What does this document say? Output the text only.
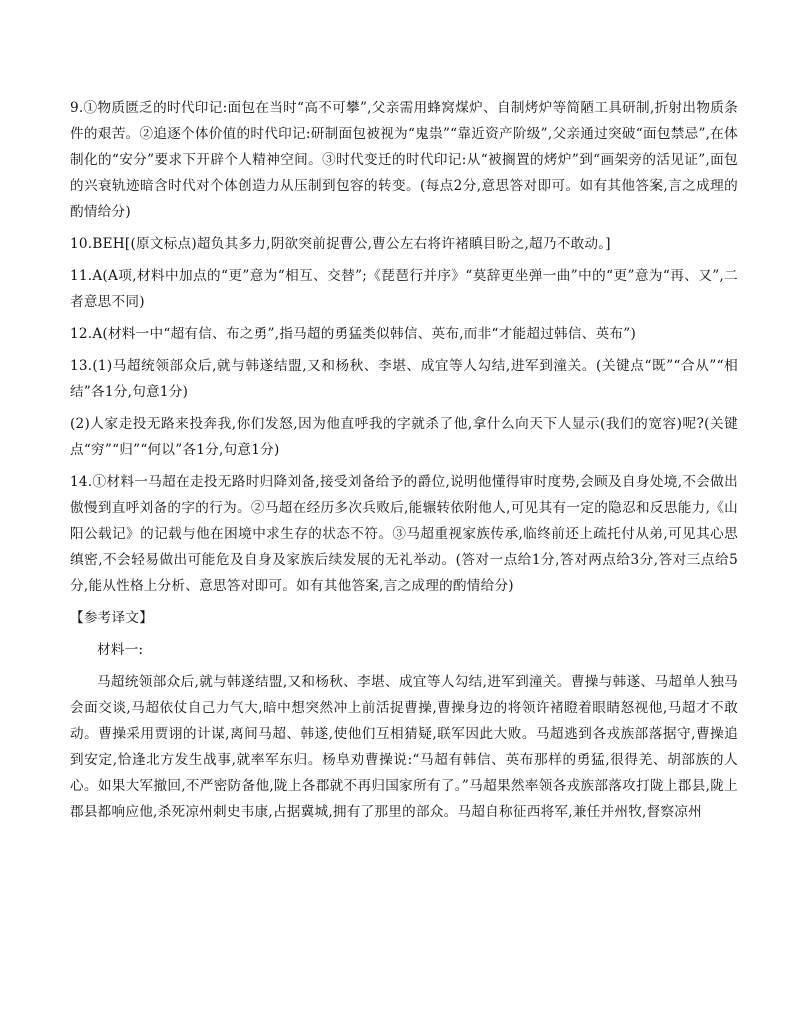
9.①物质匮乏的时代印记:面包在当时“高不可攀”,父亲需用蜂窝煤炉、自制烤炉等简陋工具研制,折射出物质条件的艰苦。②追逐个体价值的时代印记:研制面包被视为“鬼祟”“靠近资产阶级”,父亲通过突破“面包禁忌”,在体制化的“安分”要求下开辟个人精神空间。③时代变迁的时代印记:从“被搁置的烤炉”到“画架旁的活见证”,面包的兴衰轨迹暗含时代对个体创造力从压制到包容的转变。(每点2分,意思答对即可。如有其他答案,言之成理的酌情给分)

10.BEH[(原文标点)超负其多力,阴欲突前捉曹公,曹公左右将许褚瞋目盼之,超乃不敢动。]

11.A(A项,材料中加点的“更”意为“相互、交替”;《琵琶行并序》“莫辞更坐弹一曲”中的“更”意为“再、又”,二者意思不同)

12.A(材料一中“超有信、布之勇”,指马超的勇猛类似韩信、英布,而非“才能超过韩信、英布”)

13.(1)马超统领部众后,就与韩遂结盟,又和杨秋、李堪、成宜等人勾结,进军到潼关。(关键点“既”“合从”“相结”各1分,句意1分)

(2)人家走投无路来投奔我,你们发怒,因为他直呼我的字就杀了他,拿什么向天下人显示(我们的宽容)呢?(关键点“穷”“归”“何以”各1分,句意1分)

14.①材料一马超在走投无路时归降刘备,接受刘备给予的爵位,说明他懂得审时度势,会顾及自身处境,不会做出傲慢到直呼刘备的字的行为。②马超在经历多次兵败后,能辗转依附他人,可见其有一定的隐忍和反思能力,《山阳公载记》的记载与他在困境中求生存的状态不符。③马超重视家族传承,临终前还上疏托付从弟,可见其心思缜密,不会轻易做出可能危及自身及家族后续发展的无礼举动。(答对一点给1分,答对两点给3分,答对三点给5分,能从性格上分析、意思答对即可。如有其他答案,言之成理的酌情给分)

【参考译文】

材料一:

马超统领部众后,就与韩遂结盟,又和杨秋、李堪、成宜等人勾结,进军到潼关。曹操与韩遂、马超单人独马会面交谈,马超依仗自己力气大,暗中想突然冲上前活捉曹操,曹操身边的将领许褚瞪着眼睛怒视他,马超才不敢动。曹操采用贾诩的计谋,离间马超、韩遂,使他们互相猜疑,联军因此大败。马超逃到各戎族部落据守,曹操追到安定,恰逢北方发生战事,就率军东归。杨阜劝曹操说:“马超有韩信、英布那样的勇猛,很得羌、胡部族的人心。如果大军撤回,不严密防备他,陇上各郡就不再归国家所有了。”马超果然率领各戎族部落攻打陇上郡县,陇上郡县都响应他,杀死凉州刺史韦康,占据冀城,拥有了那里的部众。马超自称征西将军,兼任并州牧,督察凉州
